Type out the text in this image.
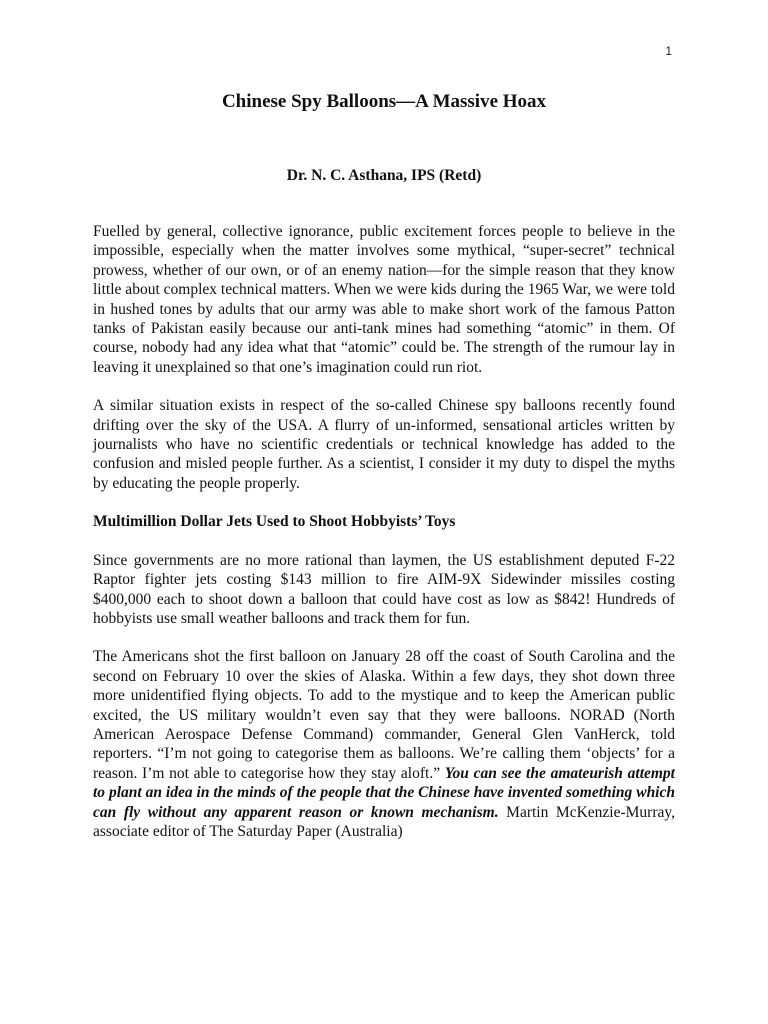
1
Chinese Spy Balloons—A Massive Hoax

Dr. N. C. Asthana, IPS (Retd)

Fuelled by general, collective ignorance, public excitement forces people to believe in the impossible, especially when the matter involves some mythical, “super-secret” technical prowess, whether of our own, or of an enemy nation—for the simple reason that they know little about complex technical matters. When we were kids during the 1965 War, we were told in hushed tones by adults that our army was able to make short work of the famous Patton tanks of Pakistan easily because our anti-tank mines had something “atomic” in them. Of course, nobody had any idea what that “atomic” could be. The strength of the rumour lay in leaving it unexplained so that one’s imagination could run riot.

A similar situation exists in respect of the so-called Chinese spy balloons recently found drifting over the sky of the USA. A flurry of un-informed, sensational articles written by journalists who have no scientific credentials or technical knowledge has added to the confusion and misled people further. As a scientist, I consider it my duty to dispel the myths by educating the people properly.

Multimillion Dollar Jets Used to Shoot Hobbyists’ Toys

Since governments are no more rational than laymen, the US establishment deputed F-22 Raptor fighter jets costing $143 million to fire AIM-9X Sidewinder missiles costing $400,000 each to shoot down a balloon that could have cost as low as $842! Hundreds of hobbyists use small weather balloons and track them for fun.

The Americans shot the first balloon on January 28 off the coast of South Carolina and the second on February 10 over the skies of Alaska. Within a few days, they shot down three more unidentified flying objects. To add to the mystique and to keep the American public excited, the US military wouldn’t even say that they were balloons. NORAD (North American Aerospace Defense Command) commander, General Glen VanHerck, told reporters. “I’m not going to categorise them as balloons. We’re calling them ‘objects’ for a reason. I’m not able to categorise how they stay aloft.” You can see the amateurish attempt to plant an idea in the minds of the people that the Chinese have invented something which can fly without any apparent reason or known mechanism. Martin McKenzie-Murray, associate editor of The Saturday Paper (Australia)
